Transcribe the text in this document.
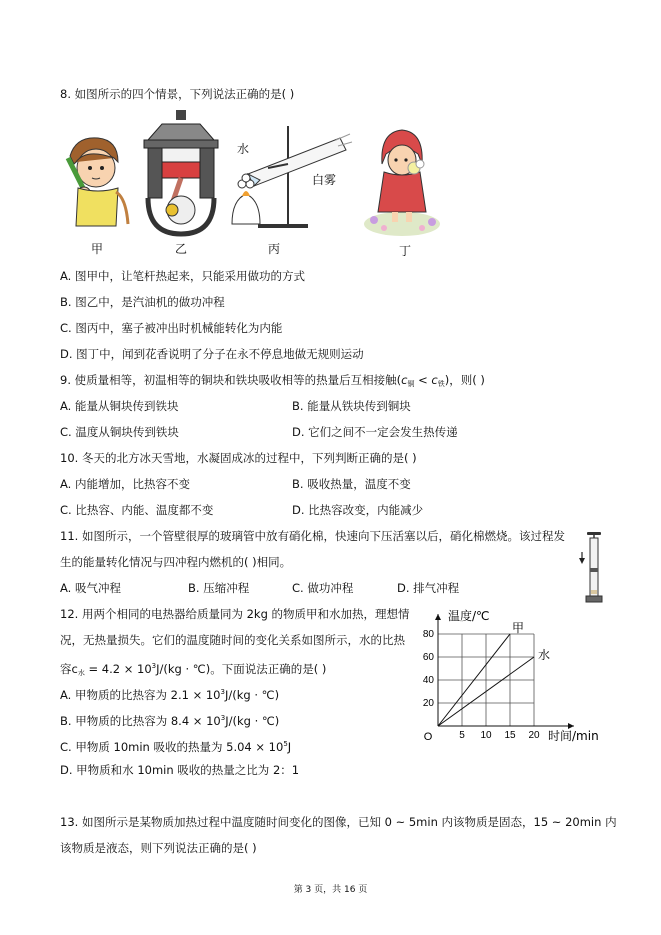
8. 如图所示的四个情景，下列说法正确的是( )
甲	乙
水
白雾
丙	丁
A. 图甲中，让笔杆热起来，只能采用做功的方式
B. 图乙中，是汽油机的做功冲程
C. 图丙中，塞子被冲出时机械能转化为内能
D. 图丁中，闻到花香说明了分子在永不停息地做无规则运动
9. 使质量相等，初温相等的铜块和铁块吸收相等的热量后互相接触$(c_铜 < c_铁)$，则( )
A. 能量从铜块传到铁块	B. 能量从铁块传到铜块
C. 温度从铜块传到铁块	D. 它们之间不一定会发生热传递
10. 冬天的北方冰天雪地，水凝固成冰的过程中，下列判断正确的是( )
A. 内能增加，比热容不变	B. 吸收热量，温度不变
C. 比热容、内能、温度都不变	D. 比热容改变，内能减少
11. 如图所示，一个管壁很厚的玻璃管中放有硝化棉，快速向下压活塞以后，硝化棉燃烧。该过程发
生的能量转化情况与四冲程内燃机的( )相同。
A. 吸气冲程	B. 压缩冲程	C. 做功冲程	D. 排气冲程
12. 用两个相同的电热器给质量同为 2kg 的物质甲和水加热，理想情
况，无热量损失。它们的温度随时间的变化关系如图所示，水的比热
容$c_水 = 4.2 \times 10^3J/(kg$ · ℃)。下面说法正确的是( )
A. 甲物质的比热容为 $2.1 \times 10^3J/(kg$ · ℃)
B. 甲物质的比热容为 $8.4 \times 10^3J/(kg$ · ℃)
C. 甲物质 10min 吸收的热量为 $5.04 \times 10^5J$
D. 甲物质和水 10min 吸收的热量之比为 2：1
5 10 15 20
20
40
60
80
O
温度/℃
时间/min
甲
水
13. 如图所示是某物质加热过程中温度随时间变化的图像，已知 0 ~ 5min 内该物质是固态，15 ~ 20min 内
该物质是液态，则下列说法正确的是( )
第 3 页，共 16 页
